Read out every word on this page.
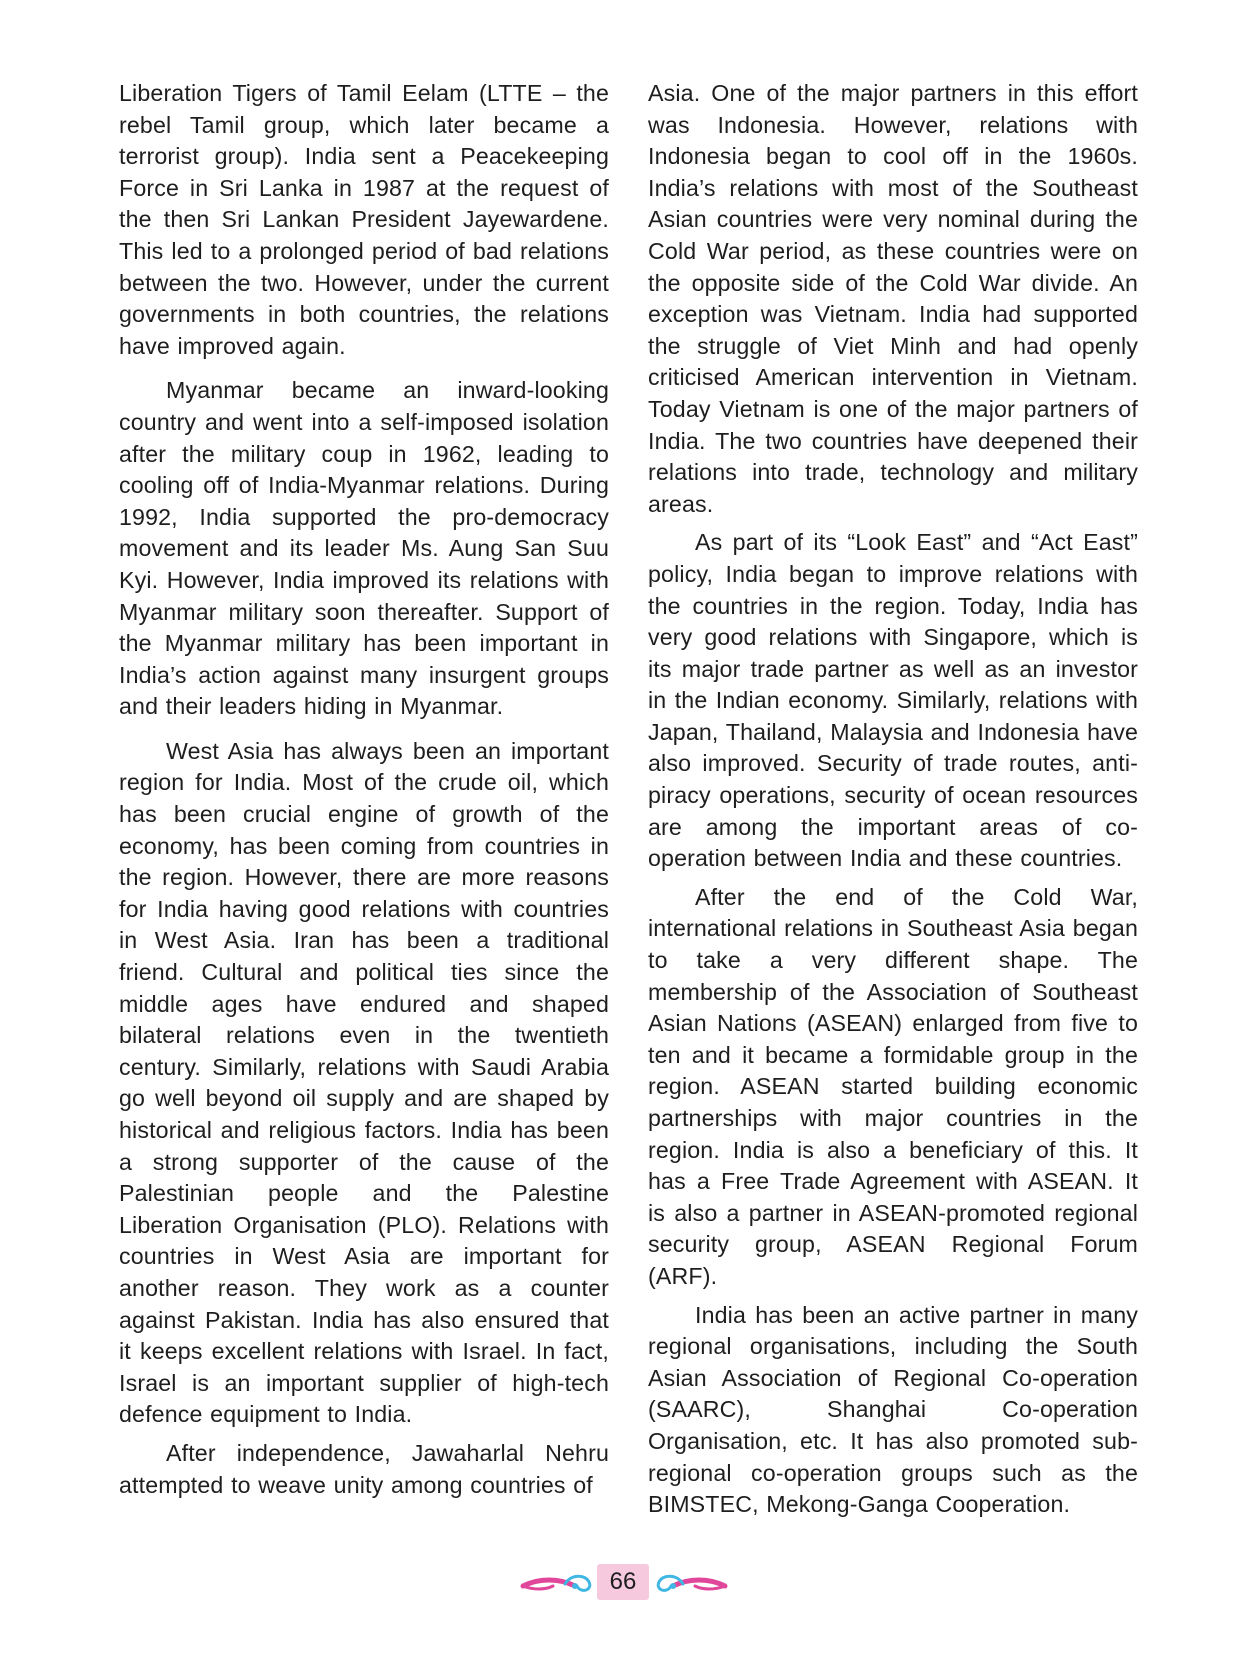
Liberation Tigers of Tamil Eelam (LTTE – the rebel Tamil group, which later became a terrorist group). India sent a Peacekeeping Force in Sri Lanka in 1987 at the request of the then Sri Lankan President Jayewardene. This led to a prolonged period of bad relations between the two. However, under the current governments in both countries, the relations have improved again.

Myanmar became an inward-looking country and went into a self-imposed isolation after the military coup in 1962, leading to cooling off of India-Myanmar relations. During 1992, India supported the pro-democracy movement and its leader Ms. Aung San Suu Kyi. However, India improved its relations with Myanmar military soon thereafter. Support of the Myanmar military has been important in India’s action against many insurgent groups and their leaders hiding in Myanmar.

West Asia has always been an important region for India. Most of the crude oil, which has been crucial engine of growth of the economy, has been coming from countries in the region. However, there are more reasons for India having good relations with countries in West Asia. Iran has been a traditional friend. Cultural and political ties since the middle ages have endured and shaped bilateral relations even in the twentieth century. Similarly, relations with Saudi Arabia go well beyond oil supply and are shaped by historical and religious factors. India has been a strong supporter of the cause of the Palestinian people and the Palestine Liberation Organisation (PLO). Relations with countries in West Asia are important for another reason. They work as a counter against Pakistan. India has also ensured that it keeps excellent relations with Israel. In fact, Israel is an important supplier of high-tech defence equipment to India.

After independence, Jawaharlal Nehru attempted to weave unity among countries of

Asia. One of the major partners in this effort was Indonesia. However, relations with Indonesia began to cool off in the 1960s. India’s relations with most of the Southeast Asian countries were very nominal during the Cold War period, as these countries were on the opposite side of the Cold War divide. An exception was Vietnam. India had supported the struggle of Viet Minh and had openly criticised American intervention in Vietnam. Today Vietnam is one of the major partners of India. The two countries have deepened their relations into trade, technology and military areas.

As part of its “Look East” and “Act East” policy, India began to improve relations with the countries in the region. Today, India has very good relations with Singapore, which is its major trade partner as well as an investor in the Indian economy. Similarly, relations with Japan, Thailand, Malaysia and Indonesia have also improved. Security of trade routes, anti-piracy operations, security of ocean resources are among the important areas of co-operation between India and these countries.

After the end of the Cold War, international relations in Southeast Asia began to take a very different shape. The membership of the Association of Southeast Asian Nations (ASEAN) enlarged from five to ten and it became a formidable group in the region. ASEAN started building economic partnerships with major countries in the region. India is also a beneficiary of this. It has a Free Trade Agreement with ASEAN. It is also a partner in ASEAN-promoted regional security group, ASEAN Regional Forum (ARF).

India has been an active partner in many regional organisations, including the South Asian Association of Regional Co-operation (SAARC), Shanghai Co-operation Organisation, etc. It has also promoted sub-regional co-operation groups such as the BIMSTEC, Mekong-Ganga Cooperation.

66
